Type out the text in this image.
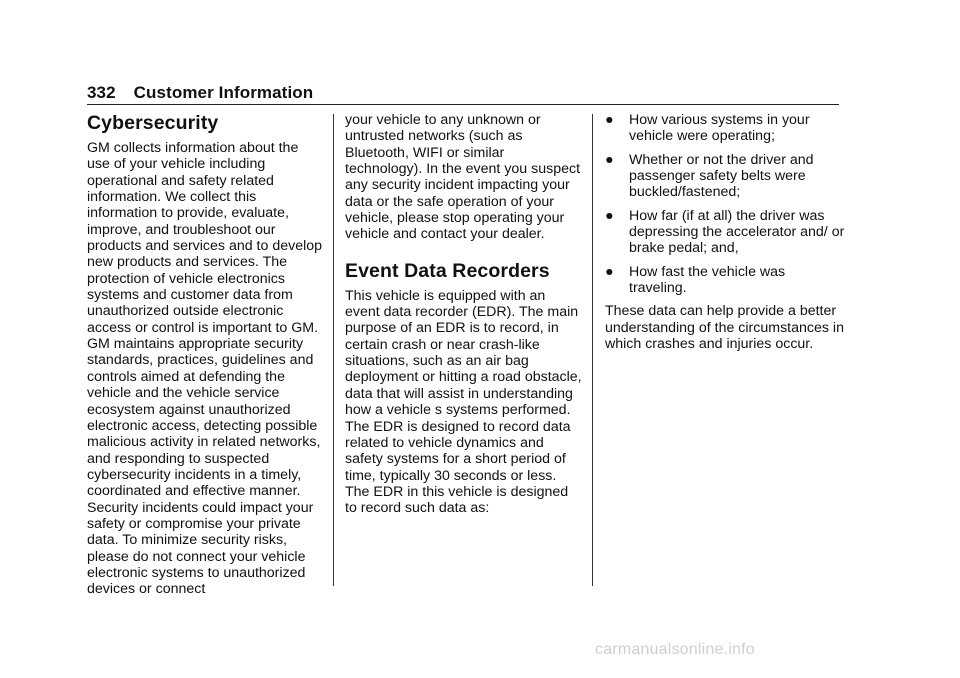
332 Customer Information
Cybersecurity

GM collects information about the use of your vehicle including operational and safety related information. We collect this information to provide, evaluate, improve, and troubleshoot our products and services and to develop new products and services. The protection of vehicle electronics systems and customer data from unauthorized outside electronic access or control is important to GM. GM maintains appropriate security standards, practices, guidelines and controls aimed at defending the vehicle and the vehicle service ecosystem against unauthorized electronic access, detecting possible malicious activity in related networks, and responding to suspected cybersecurity incidents in a timely, coordinated and effective manner. Security incidents could impact your safety or compromise your private data. To minimize security risks, please do not connect your vehicle electronic systems to unauthorized devices or connect

your vehicle to any unknown or untrusted networks (such as Bluetooth, WIFI or similar technology). In the event you suspect any security incident impacting your data or the safe operation of your vehicle, please stop operating your vehicle and contact your dealer.

Event Data Recorders

This vehicle is equipped with an event data recorder (EDR). The main purpose of an EDR is to record, in certain crash or near crash-like situations, such as an air bag deployment or hitting a road obstacle, data that will assist in understanding how a vehicle s systems performed. The EDR is designed to record data related to vehicle dynamics and safety systems for a short period of time, typically 30 seconds or less. The EDR in this vehicle is designed to record such data as:

●	How various systems in your vehicle were operating;
●	Whether or not the driver and passenger safety belts were buckled/fastened;
●	How far (if at all) the driver was depressing the accelerator and/ or brake pedal; and,
●	How fast the vehicle was traveling.

These data can help provide a better understanding of the circumstances in which crashes and injuries occur.

carmanualsonline.info
